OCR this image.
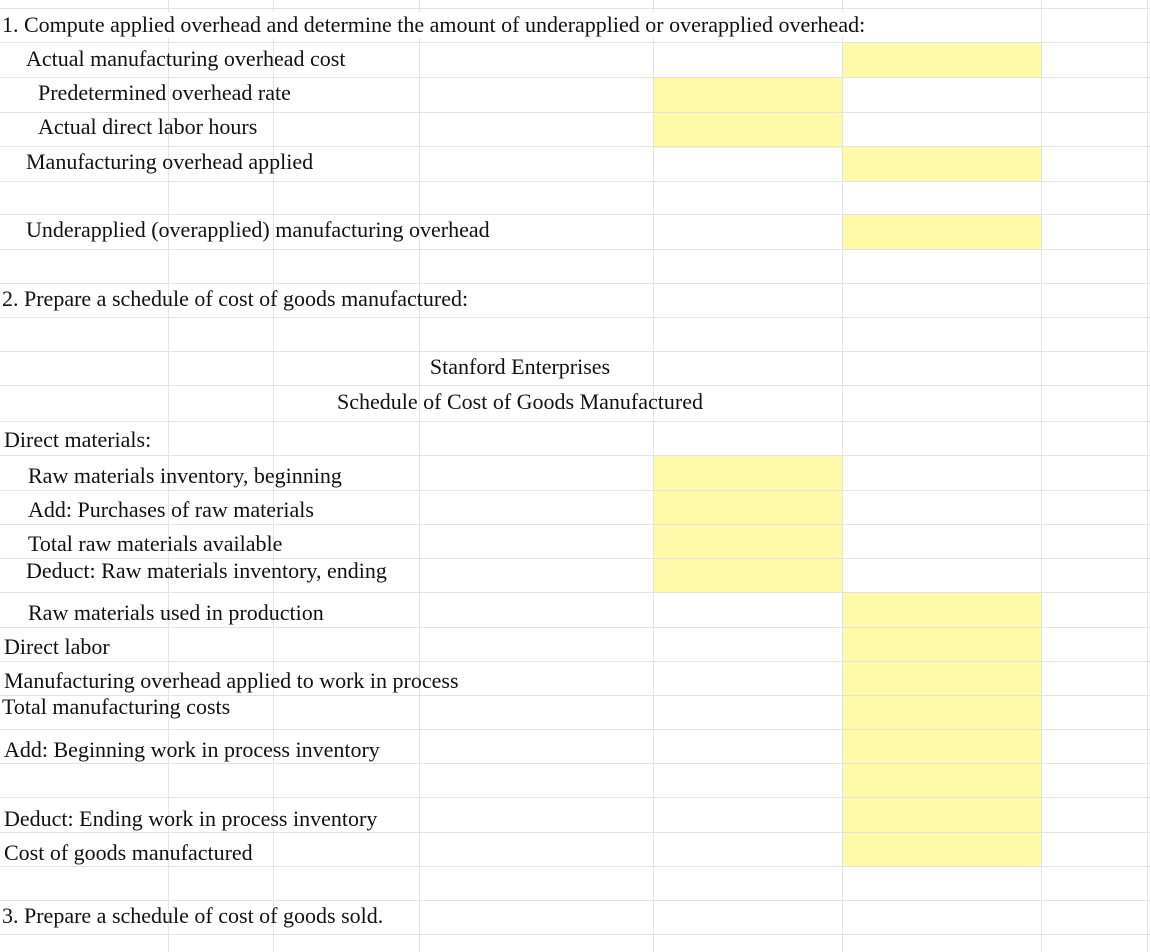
1. Compute applied overhead and determine the amount of underapplied or overapplied overhead:
Actual manufacturing overhead cost
Predetermined overhead rate
Actual direct labor hours
Manufacturing overhead applied
Underapplied (overapplied) manufacturing overhead
2. Prepare a schedule of cost of goods manufactured:
Stanford Enterprises
Schedule of Cost of Goods Manufactured
Direct materials:
Raw materials inventory, beginning
Add: Purchases of raw materials
Total raw materials available
Deduct: Raw materials inventory, ending
Raw materials used in production
Direct labor
Manufacturing overhead applied to work in process
Total manufacturing costs
Add: Beginning work in process inventory
Deduct: Ending work in process inventory
Cost of goods manufactured
3. Prepare a schedule of cost of goods sold.
